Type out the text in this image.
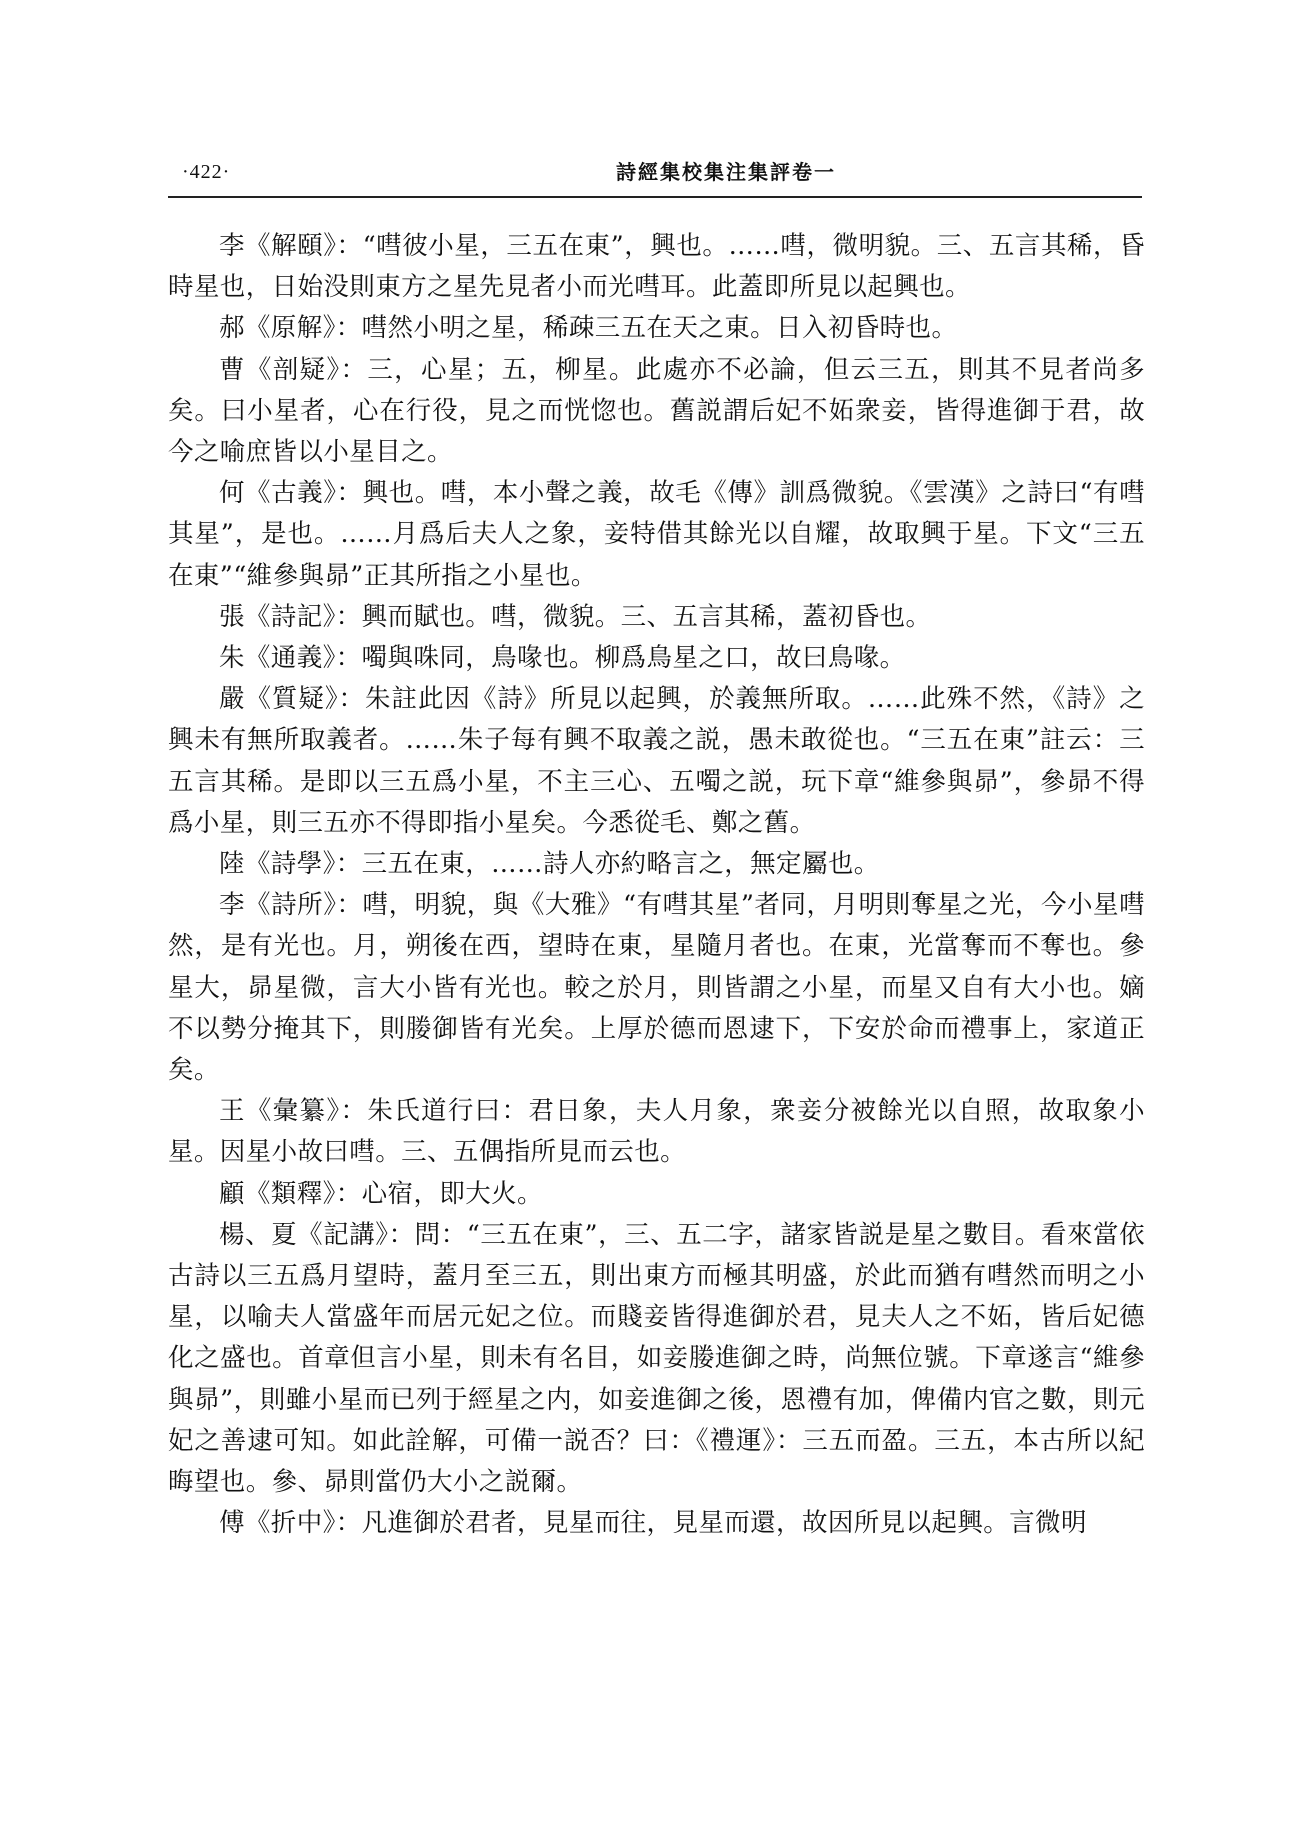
·422·	詩經集校集注集評卷一

李《解頤》：“嘒彼小星，三五在東”，興也。……嘒，微明貌。三、五言其稀，昏時星也，日始没則東方之星先見者小而光嘒耳。此蓋即所見以起興也。

郝《原解》：嘒然小明之星，稀疎三五在天之東。日入初昏時也。

曹《剖疑》：三，心星；五，柳星。此處亦不必論，但云三五，則其不見者尚多矣。曰小星者，心在行役，見之而恍惚也。舊説謂后妃不妬衆妾，皆得進御于君，故今之喻庶皆以小星目之。

何《古義》：興也。嘒，本小聲之義，故毛《傳》訓爲微貌。《雲漢》之詩曰“有嘒其星”，是也。……月爲后夫人之象，妾特借其餘光以自耀，故取興于星。下文“三五在東”“維參與昴”正其所指之小星也。

張《詩記》：興而賦也。嘒，微貌。三、五言其稀，蓋初昏也。

朱《通義》：噣與咮同，鳥喙也。柳爲鳥星之口，故曰鳥喙。

嚴《質疑》：朱註此因《詩》所見以起興，於義無所取。……此殊不然，《詩》之興未有無所取義者。……朱子每有興不取義之説，愚未敢從也。“三五在東”註云：三五言其稀。是即以三五爲小星，不主三心、五噣之説，玩下章“維參與昴”，參昴不得爲小星，則三五亦不得即指小星矣。今悉從毛、鄭之舊。

陸《詩學》：三五在東，……詩人亦約略言之，無定屬也。

李《詩所》：嘒，明貌，與《大雅》“有嘒其星”者同，月明則奪星之光，今小星嘒然，是有光也。月，朔後在西，望時在東，星隨月者也。在東，光當奪而不奪也。參星大，昴星微，言大小皆有光也。較之於月，則皆謂之小星，而星又自有大小也。嫡不以勢分掩其下，則媵御皆有光矣。上厚於德而恩逮下，下安於命而禮事上，家道正矣。

王《彙纂》：朱氏道行曰：君日象，夫人月象，衆妾分被餘光以自照，故取象小星。因星小故曰嘒。三、五偶指所見而云也。

顧《類釋》：心宿，即大火。

楊、夏《記講》：問：“三五在東”，三、五二字，諸家皆説是星之數目。看來當依古詩以三五爲月望時，蓋月至三五，則出東方而極其明盛，於此而猶有嘒然而明之小星，以喻夫人當盛年而居元妃之位。而賤妾皆得進御於君，見夫人之不妬，皆后妃德化之盛也。首章但言小星，則未有名目，如妾媵進御之時，尚無位號。下章遂言“維參與昴”，則雖小星而已列于經星之内，如妾進御之後，恩禮有加，俾備内官之數，則元妃之善逮可知。如此詮解，可備一説否？曰：《禮運》：三五而盈。三五，本古所以紀晦望也。參、昴則當仍大小之説爾。

傅《折中》：凡進御於君者，見星而往，見星而還，故因所見以起興。言微明
